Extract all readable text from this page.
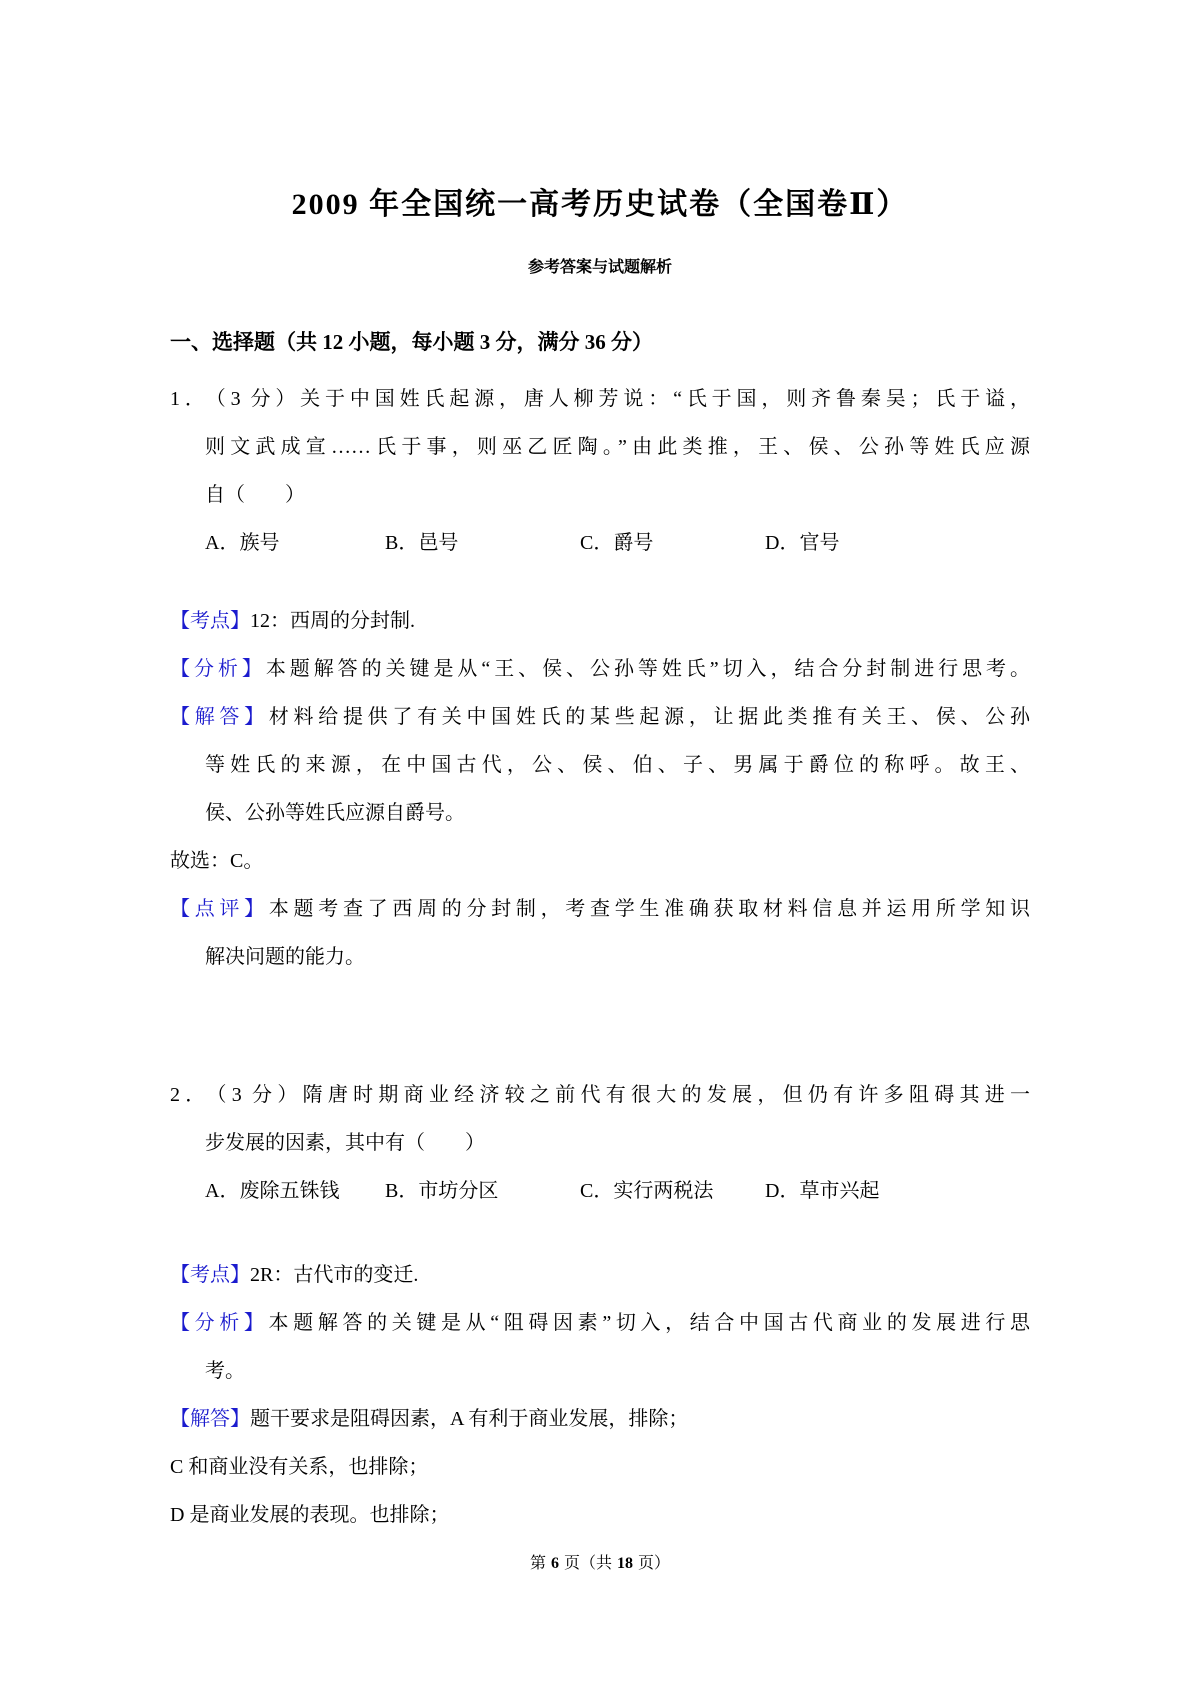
2009 年全国统一高考历史试卷（全国卷Ⅱ）
参考答案与试题解析
一、选择题（共 12 小题，每小题 3 分，满分 36 分）
1． （3 分）关于中国姓氏起源，唐人柳芳说：“氏于国，则齐鲁秦吴；氏于谥，
则文武成宣……氏于事，则巫乙匠陶。”由此类推，王、侯、公孙等姓氏应源
自（　　）
A．族号	B．邑号	C．爵号	D．官号
【考点】12：西周的分封制.
【分析】本题解答的关键是从“王、侯、公孙等姓氏”切入，结合分封制进行思考。
【解答】材料给提供了有关中国姓氏的某些起源，让据此类推有关王、侯、公孙
等姓氏的来源，在中国古代，公、侯、伯、子、男属于爵位的称呼。故王、
侯、公孙等姓氏应源自爵号。
故选：C。
【点评】本题考查了西周的分封制，考查学生准确获取材料信息并运用所学知识
解决问题的能力。
2． （3 分）隋唐时期商业经济较之前代有很大的发展，但仍有许多阻碍其进一
步发展的因素，其中有（　　）
A．废除五铢钱	B．市坊分区	C．实行两税法	D．草市兴起
【考点】2R：古代市的变迁.
【分析】本题解答的关键是从“阻碍因素”切入，结合中国古代商业的发展进行思
考。
【解答】题干要求是阻碍因素，A 有利于商业发展，排除；
C 和商业没有关系，也排除；
D 是商业发展的表现。也排除；
第 6 页（共 18 页）
